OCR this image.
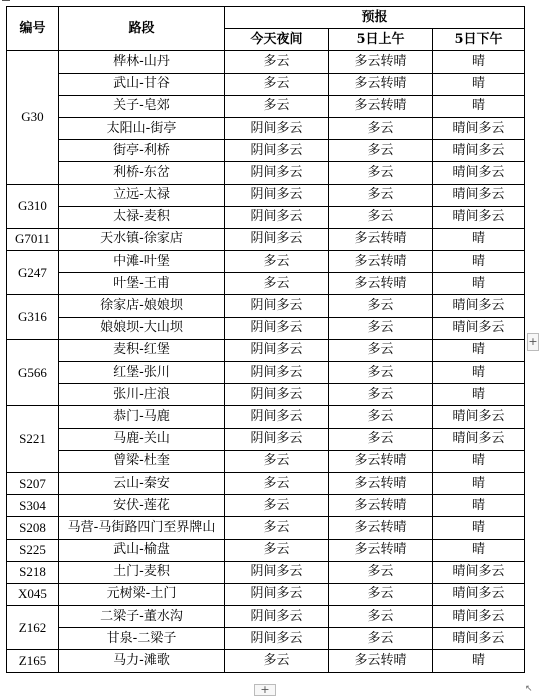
编号	路段	预报		
		今天夜间	5日上午	5日下午
G30	桦林-山丹	多云	多云转晴	晴
	武山-甘谷	多云	多云转晴	晴
	关子-皂郊	多云	多云转晴	晴
	太阳山-街亭	阴间多云	多云	晴间多云
	街亭-利桥	阴间多云	多云	晴间多云
	利桥-东岔	阴间多云	多云	晴间多云
G310	立远-太禄	阴间多云	多云	晴间多云
	太禄-麦积	阴间多云	多云	晴间多云
G7011	天水镇-徐家店	阴间多云	多云转晴	晴
G247	中滩-叶堡	多云	多云转晴	晴
	叶堡-王甫	多云	多云转晴	晴
G316	徐家店-娘娘坝	阴间多云	多云	晴间多云
	娘娘坝-大山坝	阴间多云	多云	晴间多云
G566	麦积-红堡	阴间多云	多云	晴
	红堡-张川	阴间多云	多云	晴
	张川-庄浪	阴间多云	多云	晴
S221	恭门-马鹿	阴间多云	多云	晴间多云
	马鹿-关山	阴间多云	多云	晴间多云
	曾梁-杜奎	多云	多云转晴	晴
S207	云山-秦安	多云	多云转晴	晴
S304	安伏-莲花	多云	多云转晴	晴
S208	马营-马街路四门至界牌山	多云	多云转晴	晴
S225	武山-榆盘	多云	多云转晴	晴
S218	土门-麦积	阴间多云	多云	晴间多云
X045	元树梁-土门	阴间多云	多云	晴间多云
Z162	二梁子-董水沟	阴间多云	多云	晴间多云
	甘泉-二梁子	阴间多云	多云	晴间多云
Z165	马力-滩歌	多云	多云转晴	晴
+
+	↖
